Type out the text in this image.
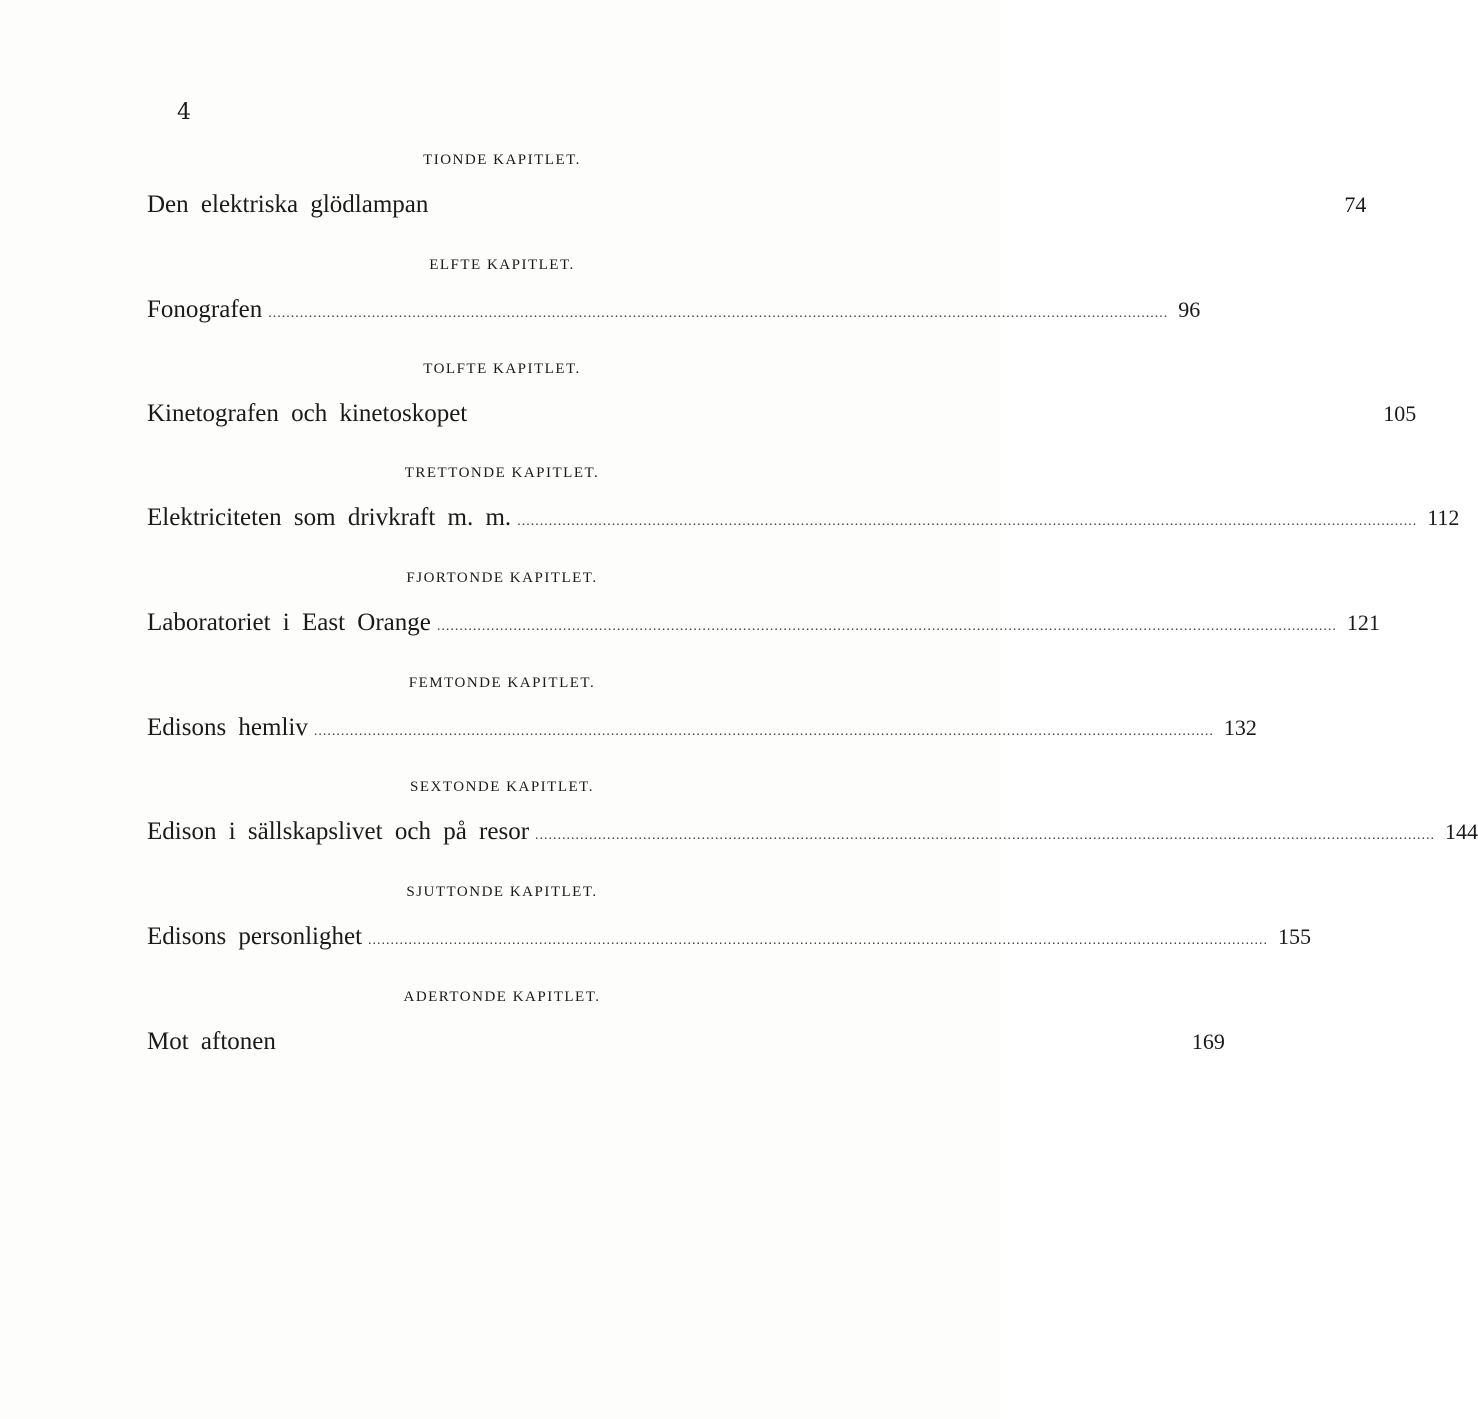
4
TIONDE KAPITLET.
Den elektriska glödlampan	74
ELFTE KAPITLET.
Fonografen ........................................................................................................................................................................................................ 96
TOLFTE KAPITLET.
Kinetografen och kinetoskopet	105
TRETTONDE KAPITLET.
Elektriciteten som drivkraft m. m. ........................................................................................................................................................................................................ 112
FJORTONDE KAPITLET.
Laboratoriet i East Orange ........................................................................................................................................................................................................ 121
FEMTONDE KAPITLET.
Edisons hemliv ........................................................................................................................................................................................................ 132
SEXTONDE KAPITLET.
Edison i sällskapslivet och på resor ........................................................................................................................................................................................................ 144
SJUTTONDE KAPITLET.
Edisons personlighet ........................................................................................................................................................................................................ 155
ADERTONDE KAPITLET.
Mot aftonen	169
